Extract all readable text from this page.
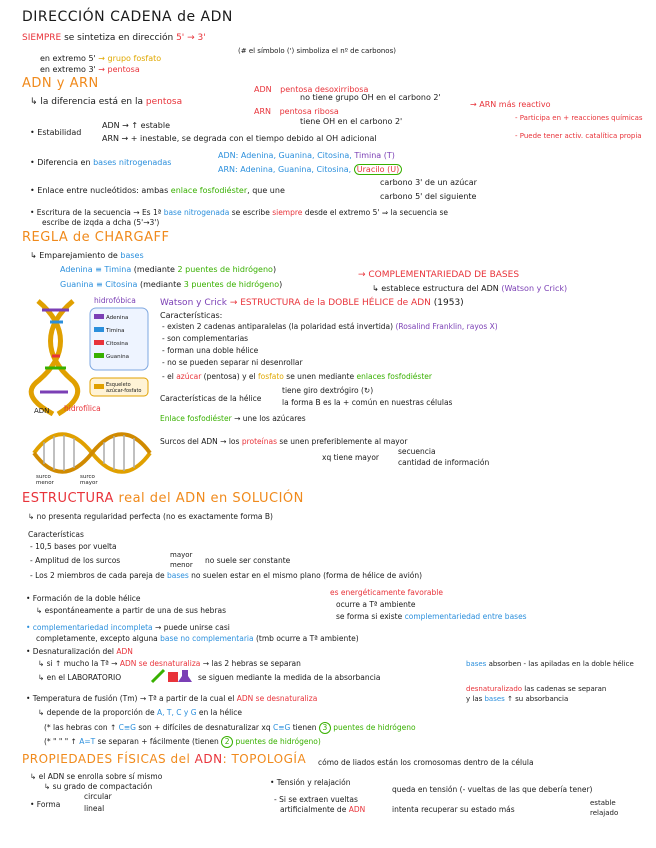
DIRECCIÓN CADENA de ADN
SIEMPRE se sintetiza en dirección 5' → 3'
(# el símbolo (') simboliza el nº de carbonos)
en extremo 5' → grupo fosfato
en extremo 3' → pentosa
ADN y ARN
↳ la diferencia está en la pentosa
ADN pentosa desoxirribosa
no tiene grupo OH en el carbono 2'
ARN pentosa ribosa
tiene OH en el carbono 2'
→ ARN más reactivo
- Participa en + reacciones químicas
- Puede tener activ. catalítica propia
• Estabilidad
ADN → ↑ estable
ARN → + inestable, se degrada con el tiempo debido al OH adicional
• Diferencia en bases nitrogenadas
ADN: Adenina, Guanina, Citosina, Timina (T)
ARN: Adenina, Guanina, Citosina, Uracilo (U)
• Enlace entre nucleótidos: ambas enlace fosfodiéster, que une
carbono 3' de un azúcar
carbono 5' del siguiente
• Escritura de la secuencia → Es 1ª base nitrogenada se escribe siempre desde el extremo 5' ⇒ la secuencia se
escribe de izqda a dcha (5'→3')
REGLA de CHARGAFF
↳ Emparejamiento de bases
Adenina ≡ Timina (mediante 2 puentes de hidrógeno)
Guanina ≡ Citosina (mediante 3 puentes de hidrógeno)
→ COMPLEMENTARIEDAD DE BASES
↳ establece estructura del ADN (Watson y Crick)
hidrofóbica
hidrofílica
ADN
Adenina
Timina
Citosina
Guanina
Esqueleto azúcar-fosfato
Watson y Crick → ESTRUCTURA de la DOBLE HÉLICE de ADN (1953)
Características:
- existen 2 cadenas antiparalelas (la polaridad está invertida) (Rosalind Franklin, rayos X)
- son complementarias
- forman una doble hélice
- no se pueden separar ni desenrollar
- el azúcar (pentosa) y el fosfato se unen mediante enlaces fosfodiéster
Características de la hélice
tiene giro dextrógiro (↻)
la forma B es la + común en nuestras células
Enlace fosfodiéster → une los azúcares
surco menor
surco mayor
Surcos del ADN → los proteínas se unen preferiblemente al mayor
xq tiene mayor
secuencia
cantidad de información
ESTRUCTURA real del ADN en SOLUCIÓN
↳ no presenta regularidad perfecta (no es exactamente forma B)
Características
- 10,5 bases por vuelta
- Amplitud de los surcos
mayor
menor no suele ser constante
- Los 2 miembros de cada pareja de bases no suelen estar en el mismo plano (forma de hélice de avión)
• Formación de la doble hélice
↳ espontáneamente a partir de una de sus hebras
es energéticamente favorable
ocurre a Tª ambiente
se forma si existe complementariedad entre bases
• complementariedad incompleta → puede unirse casi
completamente, excepto alguna base no complementaria (tmb ocurre a Tª ambiente)
• Desnaturalización del ADN
↳ si ↑ mucho la Tª → ADN se desnaturaliza → las 2 hebras se separan
↳ en el LABORATORIO	se siguen mediante la medida de la absorbancia
bases absorben - las apiladas en la doble hélice
desnaturalizado las cadenas se separan
y las bases ↑ su absorbancia
• Temperatura de fusión (Tm) → Tª a partir de la cual el ADN se desnaturaliza
↳ depende de la proporción de A, T, C y G en la hélice
(* las hebras con ↑ C≡G son + difíciles de desnaturalizar xq C≡G tienen 3 puentes de hidrógeno
(* " " " ↑ A=T se separan + fácilmente (tienen 2 puentes de hidrógeno)
PROPIEDADES FÍSICAS del ADN: TOPOLOGÍA cómo de liados están los cromosomas dentro de la célula
↳ el ADN se enrolla sobre sí mismo
↳ su grado de compactación
• Forma
circular
lineal
• Tensión y relajación
- Si se extraen vueltas
artificialmente de ADN
queda en tensión (- vueltas de las que debería tener)
intenta recuperar su estado más
estable
relajado
